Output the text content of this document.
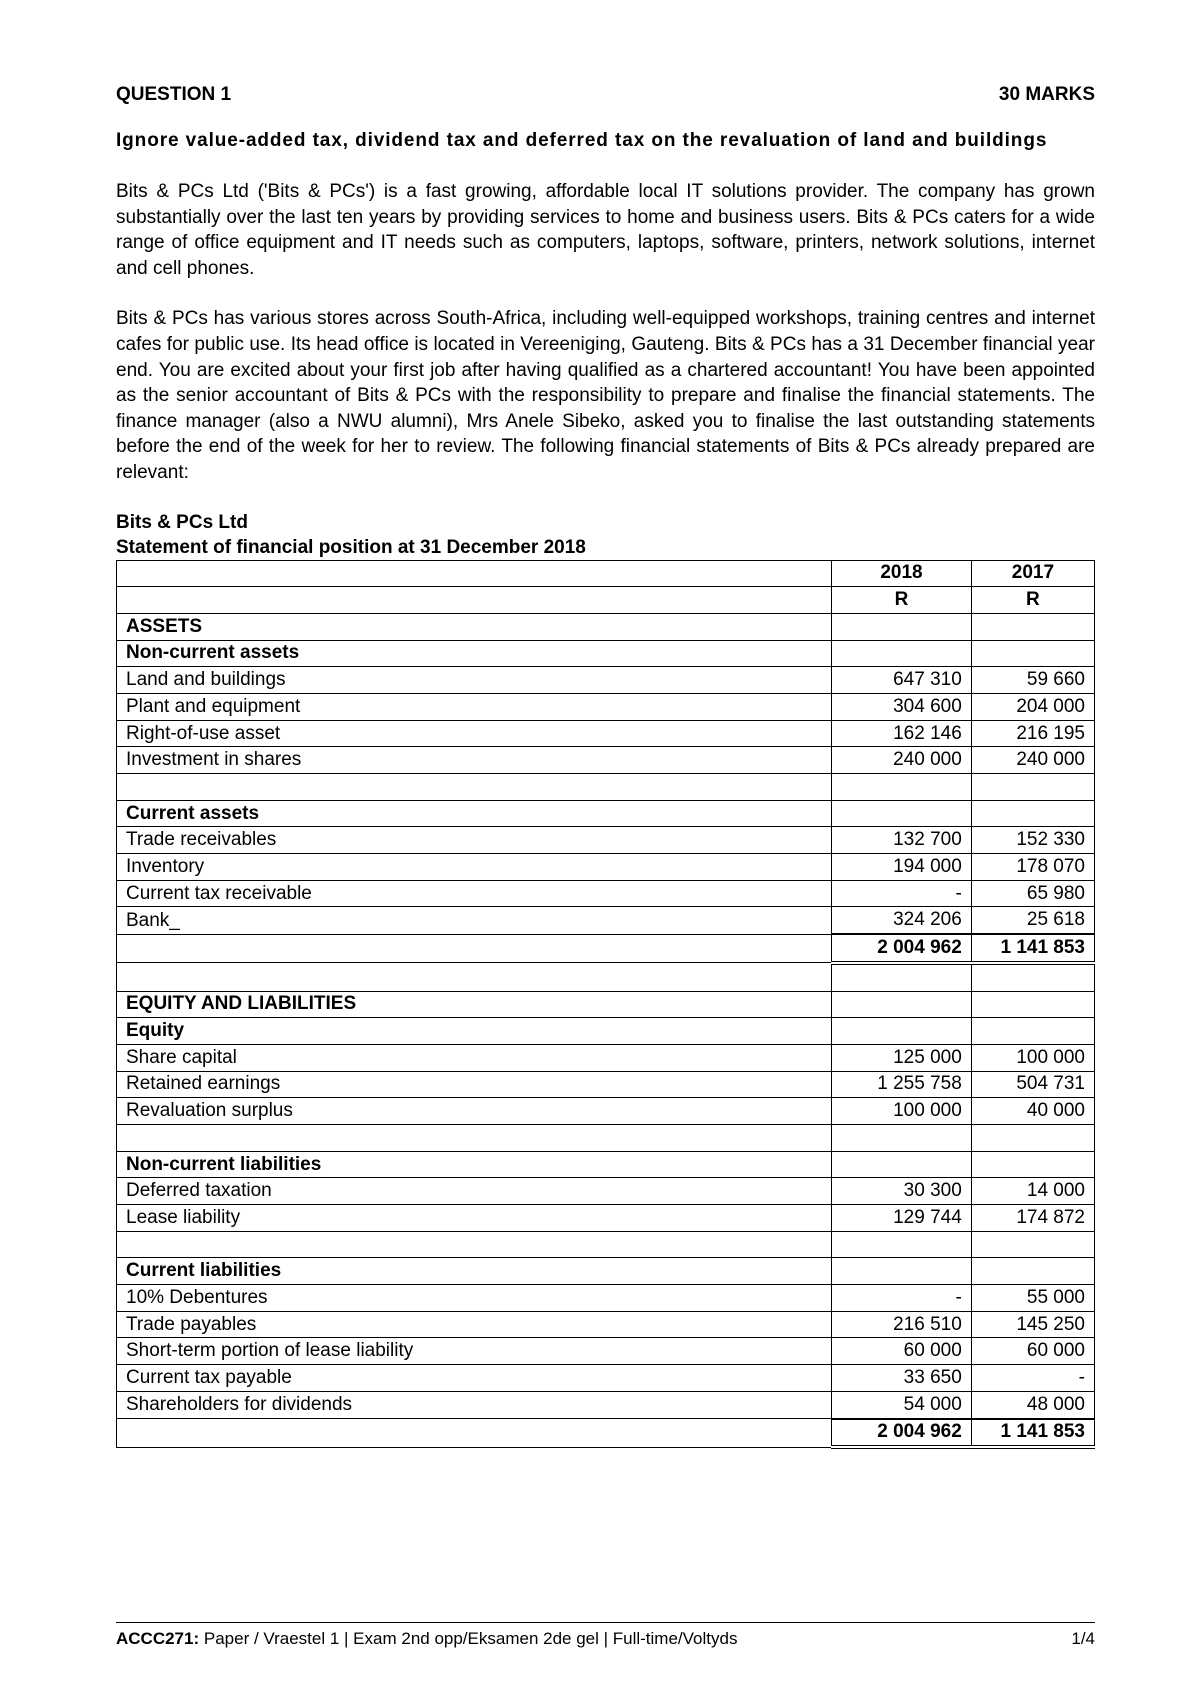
QUESTION 1	30 MARKS
Ignore value-added tax, dividend tax and deferred tax on the revaluation of land and buildings
Bits & PCs Ltd ('Bits & PCs') is a fast growing, affordable local IT solutions provider. The company has grown substantially over the last ten years by providing services to home and business users. Bits & PCs caters for a wide range of office equipment and IT needs such as computers, laptops, software, printers, network solutions, internet and cell phones.
Bits & PCs has various stores across South-Africa, including well-equipped workshops, training centres and internet cafes for public use. Its head office is located in Vereeniging, Gauteng. Bits & PCs has a 31 December financial year end. You are excited about your first job after having qualified as a chartered accountant! You have been appointed as the senior accountant of Bits & PCs with the responsibility to prepare and finalise the financial statements. The finance manager (also a NWU alumni), Mrs Anele Sibeko, asked you to finalise the last outstanding statements before the end of the week for her to review. The following financial statements of Bits & PCs already prepared are relevant:
Bits & PCs Ltd
Statement of financial position at 31 December 2018
	2018	2017
	R	R
ASSETS		
Non-current assets		
Land and buildings	647 310	59 660
Plant and equipment	304 600	204 000
Right-of-use asset	162 146	216 195
Investment in shares	240 000	240 000

Current assets		
Trade receivables	132 700	152 330
Inventory	194 000	178 070
Current tax receivable	-	65 980
Bank_	324 206	25 618
	2 004 962	1 141 853

EQUITY AND LIABILITIES		
Equity		
Share capital	125 000	100 000
Retained earnings	1 255 758	504 731
Revaluation surplus	100 000	40 000

Non-current liabilities		
Deferred taxation	30 300	14 000
Lease liability	129 744	174 872

Current liabilities		
10% Debentures	-	55 000
Trade payables	216 510	145 250
Short-term portion of lease liability	60 000	60 000
Current tax payable	33 650	-
Shareholders for dividends	54 000	48 000
	2 004 962	1 141 853
ACCC271: Paper / Vraestel 1 | Exam 2nd opp/Eksamen 2de gel | Full-time/Voltyds	1/4
